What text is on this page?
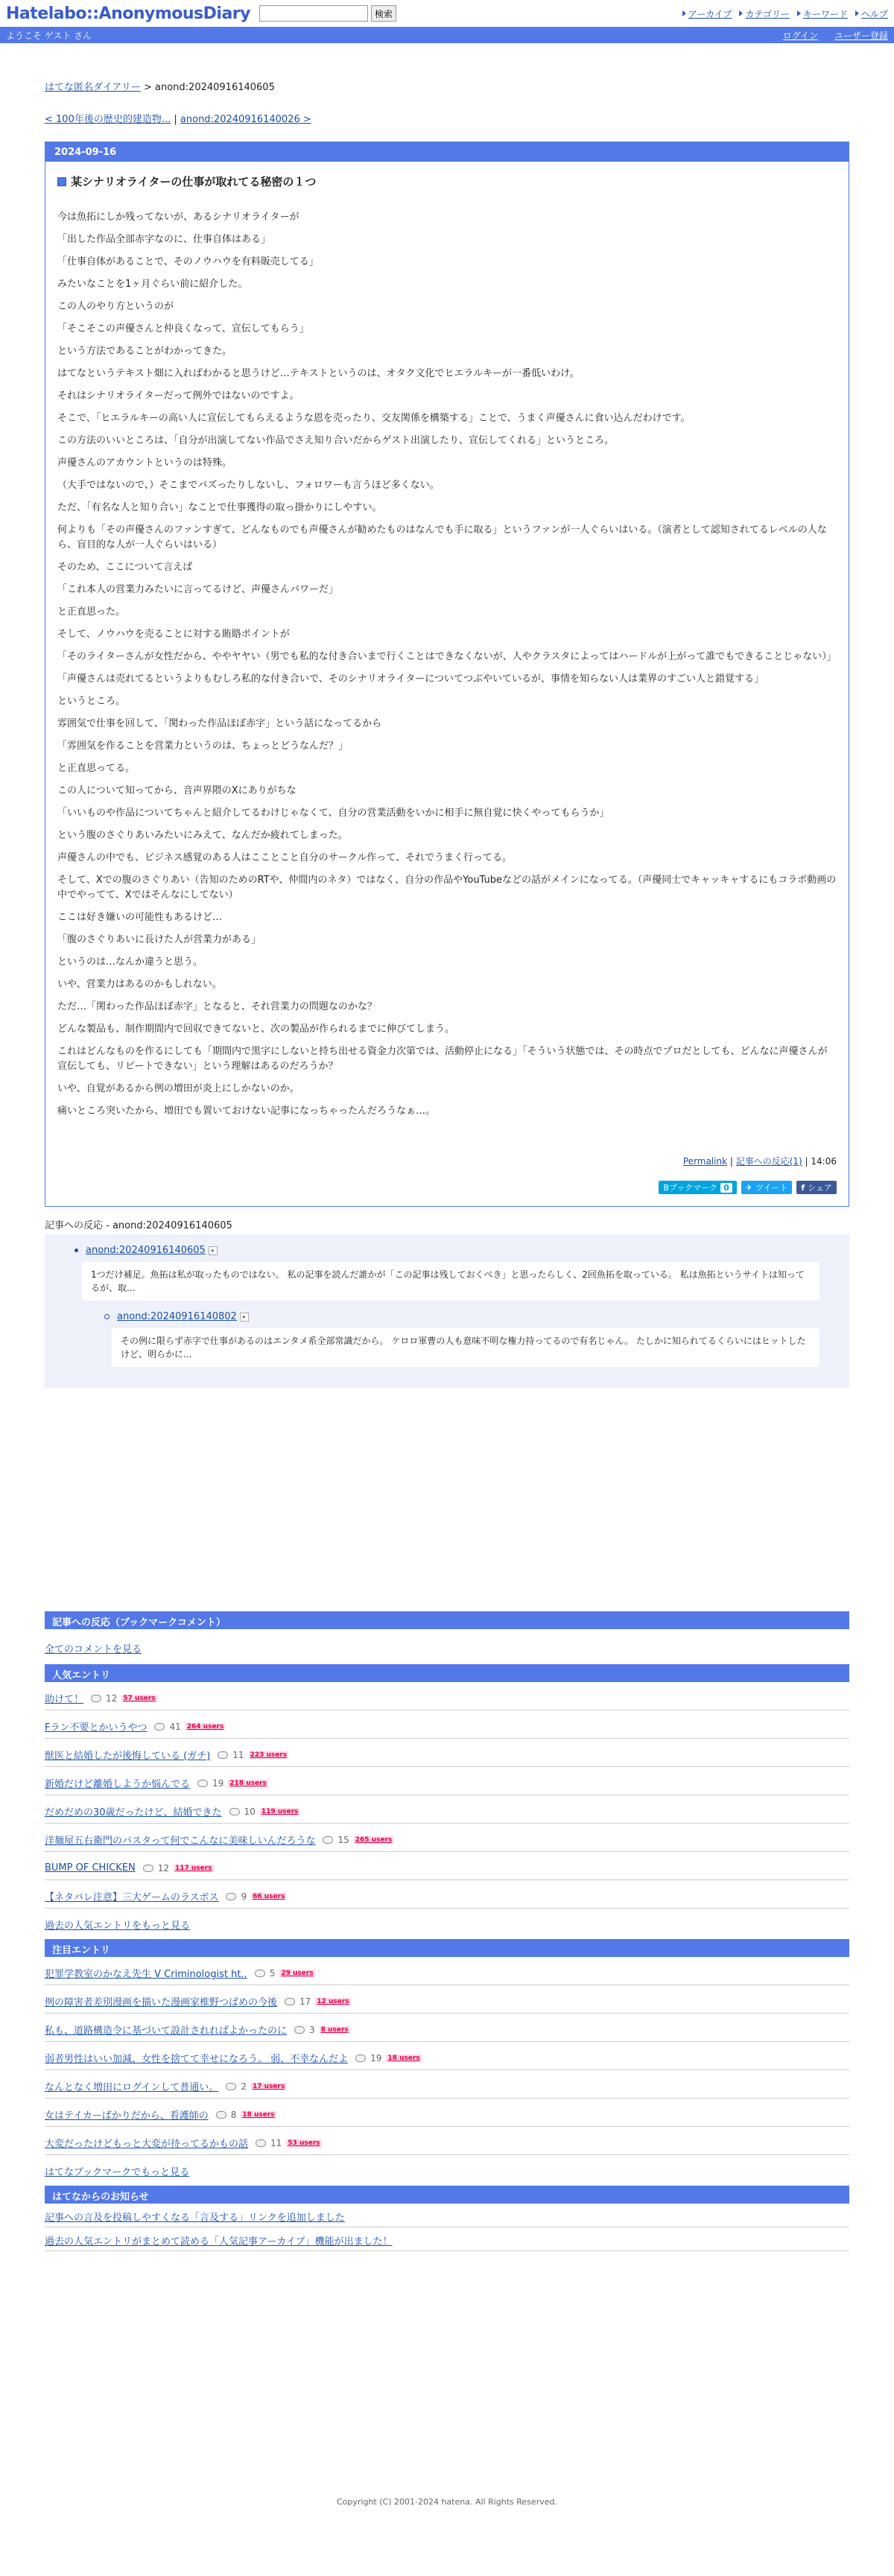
Hatelabo::AnonymousDiary	検索	アーカイブ カテゴリー キーワード ヘルプ
ようこそ ゲスト さん	ログイン ユーザー登録
はてな匿名ダイアリー > anond:20240916140605
< 100年後の歴史的建造物... | anond:20240916140026 >
2024-09-16
某シナリオライターの仕事が取れてる秘密の１つ

今は魚拓にしか残ってないが、あるシナリオライターが

「出した作品全部赤字なのに、仕事自体はある」

「仕事自体があることで、そのノウハウを有料販売してる」

みたいなことを1ヶ月ぐらい前に紹介した。

この人のやり方というのが

「そこそこの声優さんと仲良くなって、宣伝してもらう」

という方法であることがわかってきた。

はてなというテキスト畑に入ればわかると思うけど…テキストというのは、オタク文化でヒエラルキーが一番低いわけ。

それはシナリオライターだって例外ではないのですよ。

そこで、「ヒエラルキーの高い人に宣伝してもらえるような恩を売ったり、交友関係を構築する」ことで、うまく声優さんに食い込んだわけです。

この方法のいいところは、「自分が出演してない作品でさえ知り合いだからゲスト出演したり、宣伝してくれる」というところ。

声優さんのアカウントというのは特殊。

（大手ではないので、）そこまでバズったりしないし、フォロワーも言うほど多くない。

ただ、「有名な人と知り合い」なことで仕事獲得の取っ掛かりにしやすい。

何よりも「その声優さんのファンすぎて、どんなものでも声優さんが勧めたものはなんでも手に取る」というファンが一人ぐらいはいる。（演者として認知されてるレベルの人なら、盲目的な人が一人ぐらいはいる）

そのため、ここについて言えば

「これ本人の営業力みたいに言ってるけど、声優さんパワーだ」

と正直思った。

そして、ノウハウを売ることに対する賄賂ポイントが

「そのライターさんが女性だから、ややヤヤい（男でも私的な付き合いまで行くことはできなくないが、人やクラスタによってはハードルが上がって誰でもできることじゃない）」

「声優さんは売れてるというよりもむしろ私的な付き合いで、そのシナリオライターについてつぶやいているが、事情を知らない人は業界のすごい人と錯覚する」

というところ。

雰囲気で仕事を回して、「関わった作品ほぼ赤字」という話になってるから

「雰囲気を作ることを営業力というのは、ちょっとどうなんだ？」

と正直思ってる。

この人について知ってから、音声界隈のXにありがちな

「いいものや作品についてちゃんと紹介してるわけじゃなくて、自分の営業活動をいかに相手に無自覚に快くやってもらうか」

という腹のさぐりあいみたいにみえて、なんだか疲れてしまった。

声優さんの中でも、ビジネス感覚のある人はこことこと自分のサークル作って、それでうまく行ってる。

そして、Xでの腹のさぐりあい（告知のためのRTや、仲間内のネタ）ではなく、自分の作品やYouTubeなどの話がメインになってる。（声優同士でキャッキャするにもコラボ動画の中でやってて、Xではそんなにしてない）

ここは好き嫌いの可能性もあるけど…

「腹のさぐりあいに長けた人が営業力がある」

というのは…なんか違うと思う。

いや、営業力はあるのかもしれない。

ただ…「関わった作品ほぼ赤字」となると、それ営業力の問題なのかな？

どんな製品も、制作期間内で回収できてないと、次の製品が作られるまでに伸びてしまう。

これはどんなものを作るにしても「期間内で黒字にしないと持ち出せる資金力次第では、活動停止になる」「そういう状態では、その時点でプロだとしても、どんなに声優さんが宣伝しても、リピートできない」という理解はあるのだろうか？

いや、自覚があるから例の増田が炎上にしかないのか。

痛いところ突いたから、増田でも置いておけない記事になっちゃったんだろうなぁ…。

Permalink | 記事への反応(1) | 14:06
Bブックマーク 0	✈ ツイート f シェア
記事への反応 - anond:20240916140605
anond:20240916140605 ▸
1つだけ補足。魚拓は私が取ったものではない。 私の記事を読んだ誰かが「この記事は残しておくべき」と思ったらしく、2回魚拓を取っている。 私は魚拓というサイトは知ってるが、取...
anond:20240916140802 ▸
その例に限らず赤字で仕事があるのはエンタメ系全部常識だから。 ケロロ軍曹の人も意味不明な権力持ってるので有名じゃん。 たしかに知られてるくらいにはヒットしたけど、明らかに...
記事への反応（ブックマークコメント）
全てのコメントを見る
人気エントリ
助けて！	12 57 users
Fラン不要とかいうやつ	41 264 users
獣医と結婚したが後悔している (ガチ)	11 223 users
新婚だけど離婚しようか悩んでる	19 218 users
だめだめの30歳だったけど、結婚できた	10 119 users
洋麺屋五右衛門のパスタって何でこんなに美味しいんだろうな	15 265 users
BUMP OF CHICKEN	12 117 users
【ネタバレ注意】三大ゲームのラスボス	9 66 users
過去の人気エントリをもっと見る
注目エントリ
犯罪学教室のかなえ先生 V Criminologist ht..	5 29 users
例の障害者差別漫画を描いた漫画家椎野つばめの今後	17 12 users
私も、道路構造令に基づいて設計されればよかったのに	3 8 users
弱者男性はいい加減、女性を捨てて幸せになろう。 弱、不幸なんだよ	19 18 users
なんとなく増田にログインして普通い。	2 17 users
女はテイカーばかりだから、看護師の	8 18 users
大変だったけどもっと大変が待ってるかもの話	11 53 users
はてなブックマークでもっと見る
はてなからのお知らせ
記事への言及を投稿しやすくなる「言及する」リンクを追加しました
過去の人気エントリがまとめて読める「人気記事アーカイブ」機能が出ました！
Copyright (C) 2001-2024 hatena. All Rights Reserved.
